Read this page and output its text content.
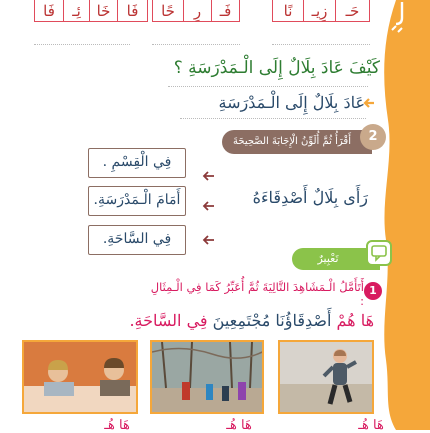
نًا	زِيـ	حَـ
حًا	رِ	فَـ
فَا	ئِـ	خَا	فَا
كَيْفَ عَادَ بِلَالٌ إِلَى الْـمَدْرَسَةِ ؟
عَادَ بِلَالٌ إِلَى الْـمَدْرَسَةِ
أَقْرَأُ ثُمَّ أُلَوِّنُ الْإِجَابَةَ الصَّحِيحَةَ	2
فِي الْقِسْمِ .
أَمَامَ الْـمَدْرَسَةِ.
فِي السَّاحَةِ.
رَأَى بِلَالٌ أَصْدِقَاءَهُ
تَعْبِيرٌ
1
أَتَأَمَّلُ الْـمَشَاهِدَ التَّالِيَةَ ثُمَّ أُعَبِّرُ كَمَا فِي الْـمِثَالِ :
هَا هُمْ أَصْدِقَاؤُنَا مُجْتَمِعِينَ فِي السَّاحَةِ.
هَا هُـ
هَا هُـ
هَا هُـ
